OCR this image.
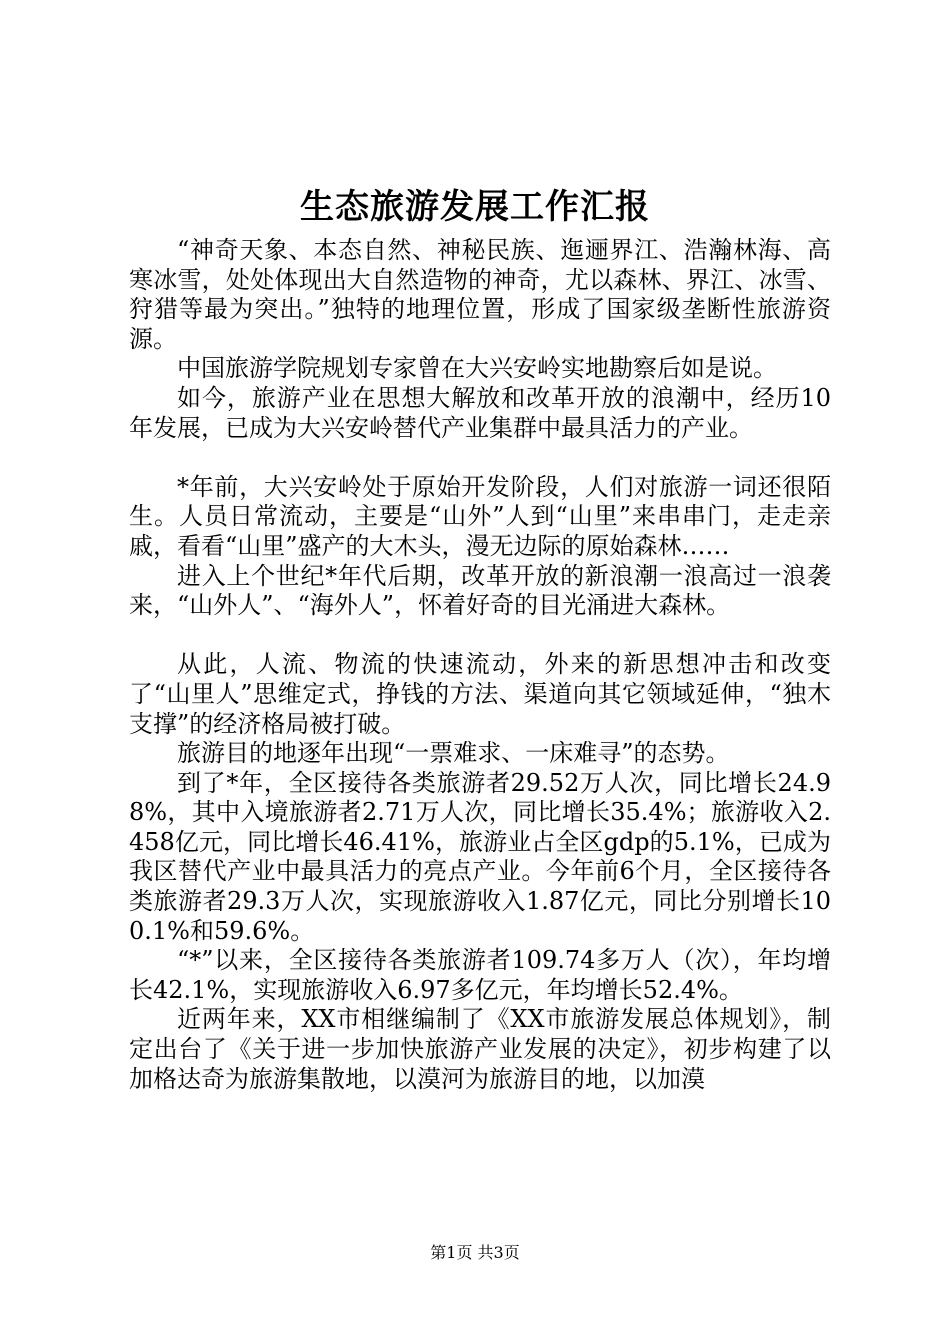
生态旅游发展工作汇报

“神奇天象、本态自然、神秘民族、迤逦界江、浩瀚林海、高寒冰雪，处处体现出大自然造物的神奇，尤以森林、界江、冰雪、狩猎等最为突出。”独特的地理位置，形成了国家级垄断性旅游资源。

中国旅游学院规划专家曾在大兴安岭实地勘察后如是说。

如今，旅游产业在思想大解放和改革开放的浪潮中，经历10年发展，已成为大兴安岭替代产业集群中最具活力的产业。

*年前，大兴安岭处于原始开发阶段，人们对旅游一词还很陌生。人员日常流动，主要是“山外”人到“山里”来串串门，走走亲戚，看看“山里”盛产的大木头，漫无边际的原始森林……

进入上个世纪*年代后期，改革开放的新浪潮一浪高过一浪袭来，“山外人”、“海外人”，怀着好奇的目光涌进大森林。

从此，人流、物流的快速流动，外来的新思想冲击和改变了“山里人”思维定式，挣钱的方法、渠道向其它领域延伸，“独木支撑”的经济格局被打破。

旅游目的地逐年出现“一票难求、一床难寻”的态势。

到了*年，全区接待各类旅游者29.52万人次，同比增长24.98%，其中入境旅游者2.71万人次，同比增长35.4%；旅游收入2.458亿元，同比增长46.41%，旅游业占全区gdp的5.1%，已成为我区替代产业中最具活力的亮点产业。今年前6个月，全区接待各类旅游者29.3万人次，实现旅游收入1.87亿元，同比分别增长100.1%和59.6%。

“*”以来，全区接待各类旅游者109.74多万人（次），年均增长42.1%，实现旅游收入6.97多亿元，年均增长52.4%。

近两年来，XX市相继编制了《XX市旅游发展总体规划》，制定出台了《关于进一步加快旅游产业发展的决定》，初步构建了以加格达奇为旅游集散地，以漠河为旅游目的地，以加漠

第1页 共3页
